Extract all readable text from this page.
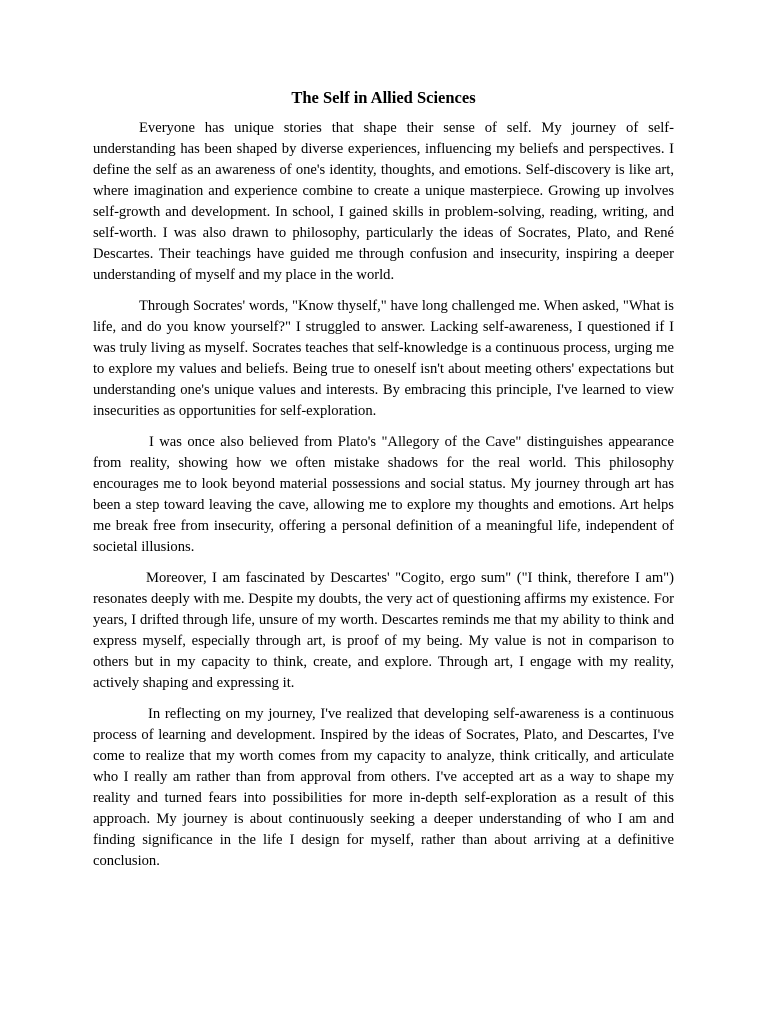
The Self in Allied Sciences

Everyone has unique stories that shape their sense of self. My journey of self-understanding has been shaped by diverse experiences, influencing my beliefs and perspectives. I define the self as an awareness of one's identity, thoughts, and emotions. Self-discovery is like art, where imagination and experience combine to create a unique masterpiece. Growing up involves self-growth and development. In school, I gained skills in problem-solving, reading, writing, and self-worth. I was also drawn to philosophy, particularly the ideas of Socrates, Plato, and René Descartes. Their teachings have guided me through confusion and insecurity, inspiring a deeper understanding of myself and my place in the world.

Through Socrates' words, "Know thyself," have long challenged me. When asked, "What is life, and do you know yourself?" I struggled to answer. Lacking self-awareness, I questioned if I was truly living as myself. Socrates teaches that self-knowledge is a continuous process, urging me to explore my values and beliefs. Being true to oneself isn't about meeting others' expectations but understanding one's unique values and interests. By embracing this principle, I've learned to view insecurities as opportunities for self-exploration.

I was once also believed from Plato's "Allegory of the Cave" distinguishes appearance from reality, showing how we often mistake shadows for the real world. This philosophy encourages me to look beyond material possessions and social status. My journey through art has been a step toward leaving the cave, allowing me to explore my thoughts and emotions. Art helps me break free from insecurity, offering a personal definition of a meaningful life, independent of societal illusions.

Moreover, I am fascinated by Descartes' "Cogito, ergo sum" ("I think, therefore I am") resonates deeply with me. Despite my doubts, the very act of questioning affirms my existence. For years, I drifted through life, unsure of my worth. Descartes reminds me that my ability to think and express myself, especially through art, is proof of my being. My value is not in comparison to others but in my capacity to think, create, and explore. Through art, I engage with my reality, actively shaping and expressing it.

In reflecting on my journey, I've realized that developing self-awareness is a continuous process of learning and development. Inspired by the ideas of Socrates, Plato, and Descartes, I've come to realize that my worth comes from my capacity to analyze, think critically, and articulate who I really am rather than from approval from others. I've accepted art as a way to shape my reality and turned fears into possibilities for more in-depth self-exploration as a result of this approach. My journey is about continuously seeking a deeper understanding of who I am and finding significance in the life I design for myself, rather than about arriving at a definitive conclusion.
